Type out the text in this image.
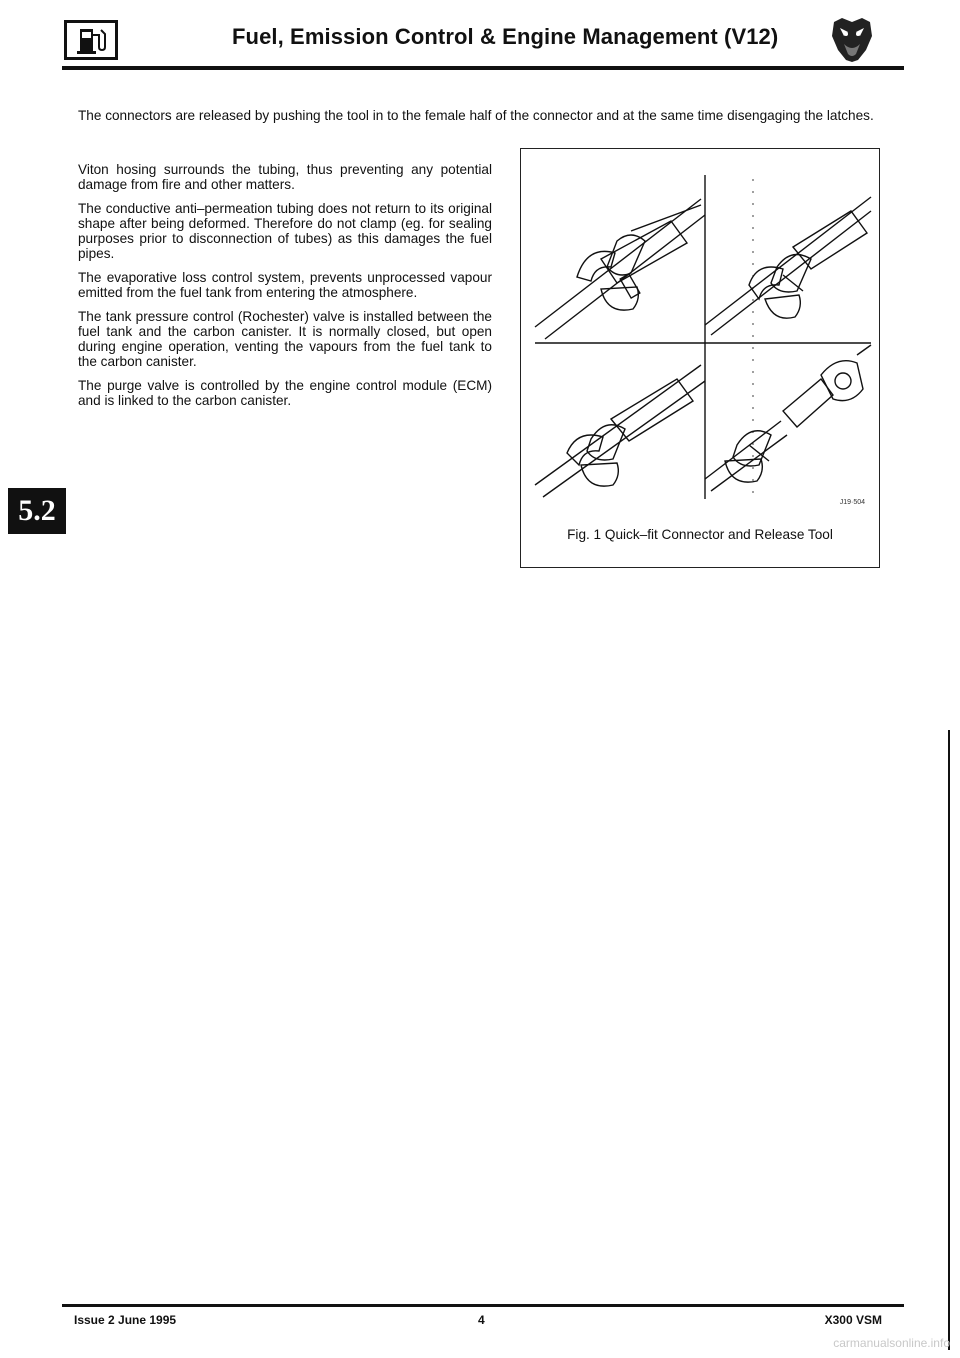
Fuel, Emission Control & Engine Management (V12)
The connectors are released by pushing the tool in to the female half of the connector and at the same time disengaging the latches.

Viton hosing surrounds the tubing, thus preventing any potential damage from fire and other matters.

The conductive anti–permeation tubing does not return to its original shape after being deformed. Therefore do not clamp (eg. for sealing purposes prior to disconnection of tubes) as this damages the fuel pipes.

The evaporative loss control system, prevents unprocessed vapour emitted from the fuel tank from entering the atmosphere.

The tank pressure control (Rochester) valve is installed between the fuel tank and the carbon canister. It is normally closed, but open during engine operation, venting the vapours from the fuel tank to the carbon canister.

The purge valve is controlled by the engine control module (ECM) and is linked to the carbon canister.

5.2	J19·504
Fig. 1 Quick–fit Connector and Release Tool
Issue 2 June 1995	4	X300 VSM
carmanualsonline.info
